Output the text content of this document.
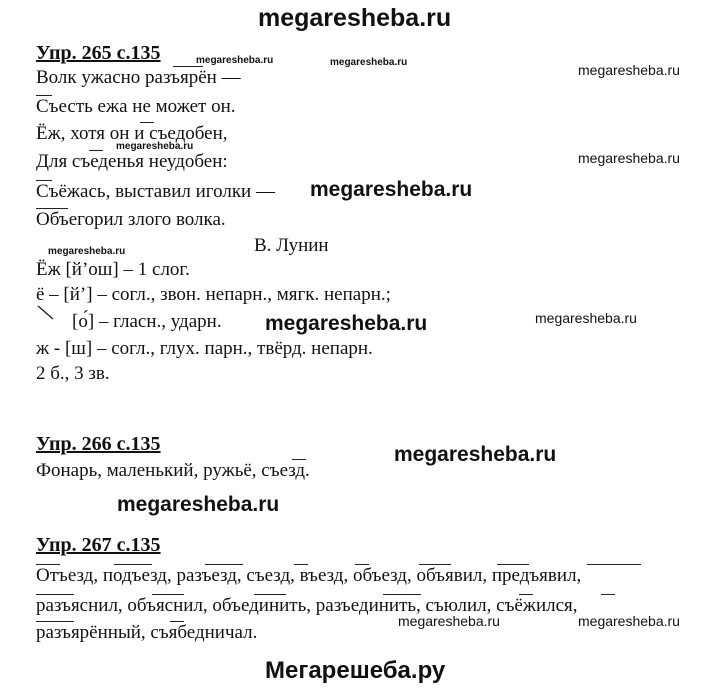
megaresheba.ru
Упр. 265 с.135	megaresheba.ru	megaresheba.ru	megaresheba.ru
Волк ужасно разъярён —
Съесть ежа не может он.
Ёж, хотя он и съедобен,
megaresheba.ru
Для съеденья неудобен:	megaresheba.ru
Съёжась, выставил иголки — megaresheba.ru
Объегорил злого волка.
megaresheba.ru	В. Лунин
Ёж [й’ош] – 1 слог.
ё – [й’] – согл., звон. непарн., мягк. непарн.;
[о́] – гласн., ударн. megaresheba.ru	megaresheba.ru
ж - [ш] – согл., глух. парн., твёрд. непарн.
2 б., 3 зв.
Упр. 266 с.135	megaresheba.ru
Фонарь, маленький, ружьё, съезд.
megaresheba.ru
Упр. 267 с.135
Отъезд, подъезд, разъезд, съезд, въезд, объезд, объявил, предъявил,
разъяснил, объяснил, объединить, разъединить, съюлил, съёжился,
разъярённый, съябедничал.
megaresheba.ru	megaresheba.ru
Мегарешеба.ру
